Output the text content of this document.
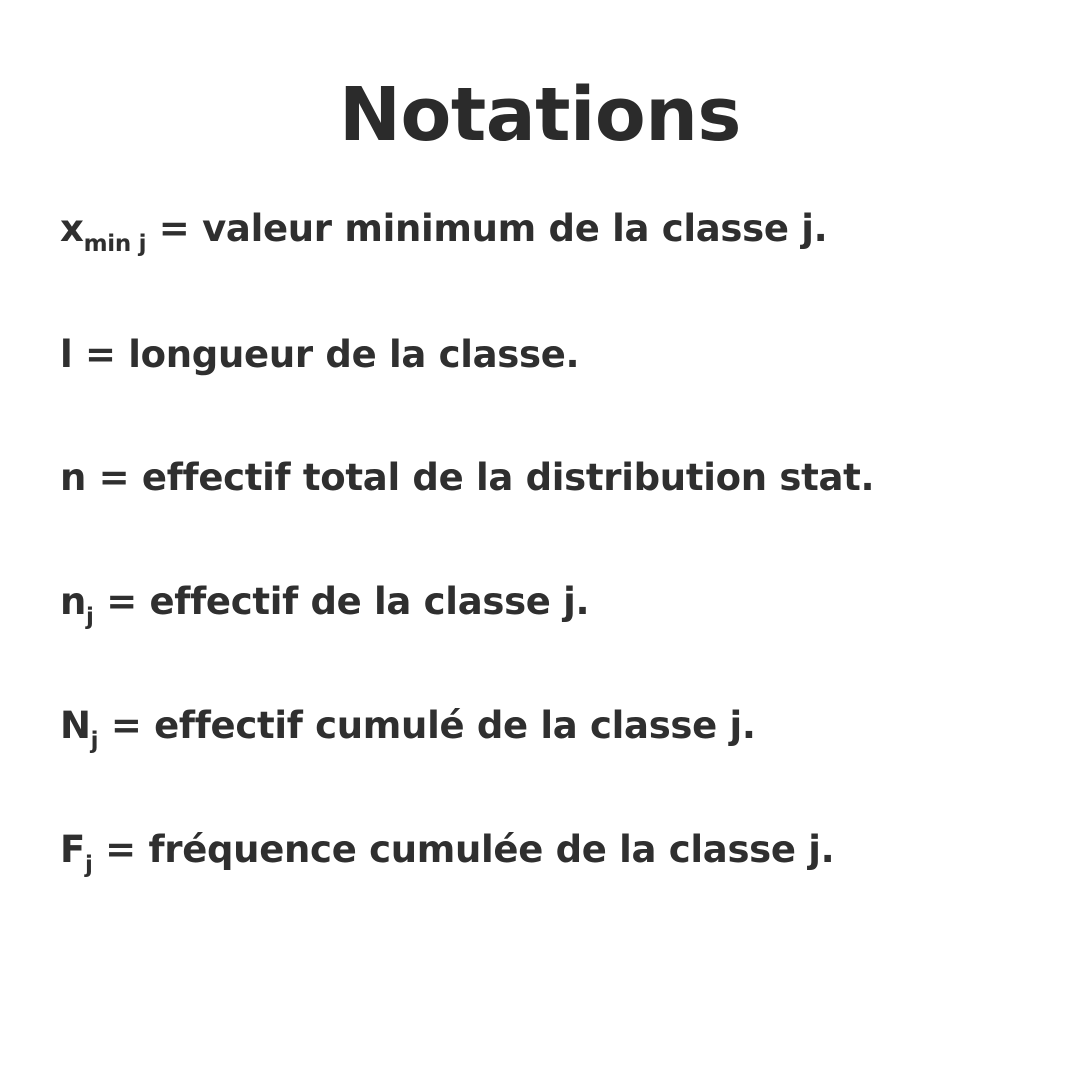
Notations
$x_{min j}$ = valeur minimum de la classe j.
l = longueur de la classe.
n = effectif total de la distribution stat.
$n_j$ = effectif de la classe j.
$N_j$ = effectif cumulé de la classe j.
$F_j$ = fréquence cumulée de la classe j.
